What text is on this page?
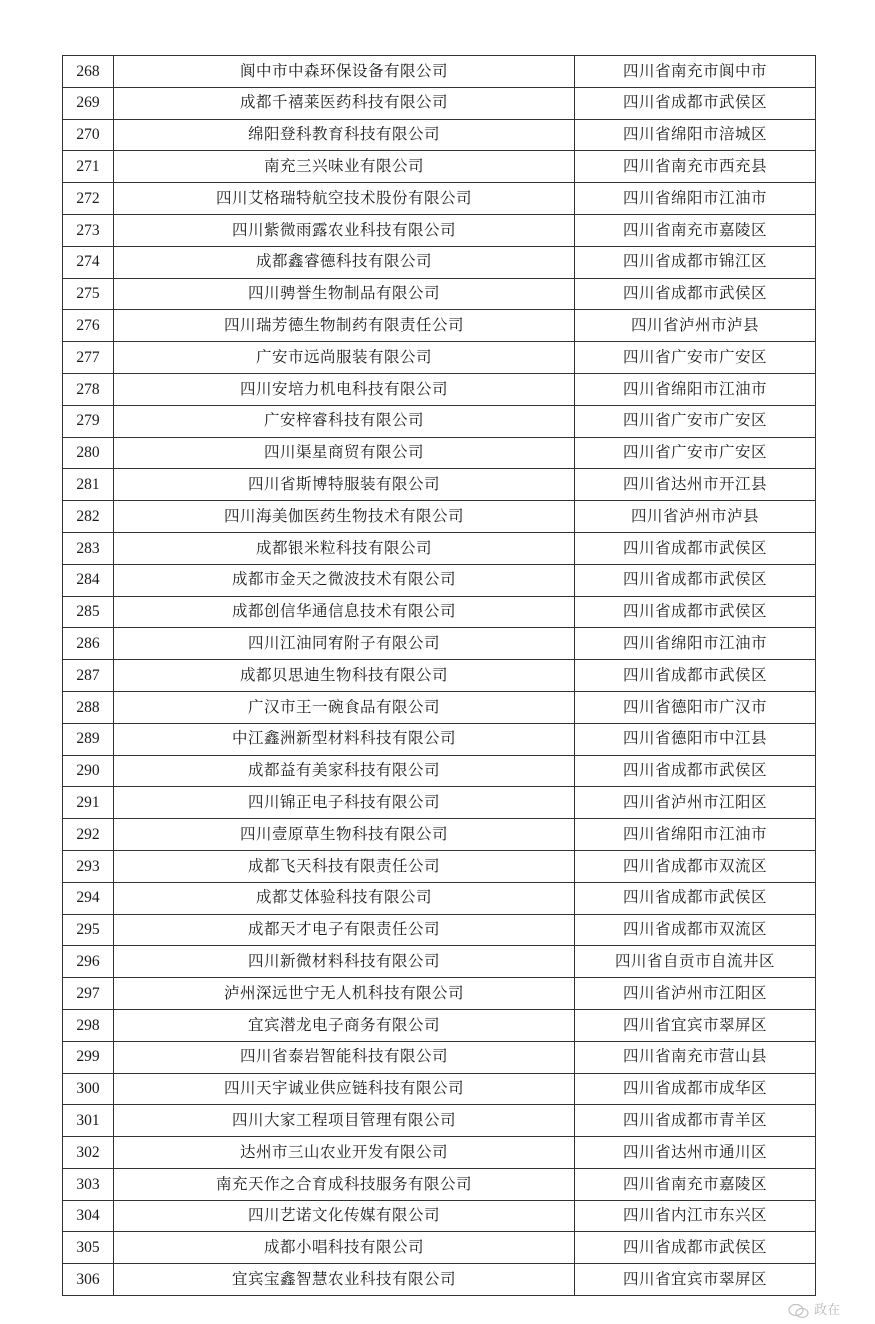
268	阆中市中森环保设备有限公司	四川省南充市阆中市
269	成都千禧莱医药科技有限公司	四川省成都市武侯区
270	绵阳登科教育科技有限公司	四川省绵阳市涪城区
271	南充三兴味业有限公司	四川省南充市西充县
272	四川艾格瑞特航空技术股份有限公司	四川省绵阳市江油市
273	四川紫微雨露农业科技有限公司	四川省南充市嘉陵区
274	成都鑫睿德科技有限公司	四川省成都市锦江区
275	四川骋誉生物制品有限公司	四川省成都市武侯区
276	四川瑞芳德生物制药有限责任公司	四川省泸州市泸县
277	广安市远尚服装有限公司	四川省广安市广安区
278	四川安培力机电科技有限公司	四川省绵阳市江油市
279	广安梓睿科技有限公司	四川省广安市广安区
280	四川渠星商贸有限公司	四川省广安市广安区
281	四川省斯博特服装有限公司	四川省达州市开江县
282	四川海美伽医药生物技术有限公司	四川省泸州市泸县
283	成都银米粒科技有限公司	四川省成都市武侯区
284	成都市金天之微波技术有限公司	四川省成都市武侯区
285	成都创信华通信息技术有限公司	四川省成都市武侯区
286	四川江油同宥附子有限公司	四川省绵阳市江油市
287	成都贝思迪生物科技有限公司	四川省成都市武侯区
288	广汉市王一碗食品有限公司	四川省德阳市广汉市
289	中江鑫洲新型材料科技有限公司	四川省德阳市中江县
290	成都益有美家科技有限公司	四川省成都市武侯区
291	四川锦正电子科技有限公司	四川省泸州市江阳区
292	四川壹原草生物科技有限公司	四川省绵阳市江油市
293	成都飞天科技有限责任公司	四川省成都市双流区
294	成都艾体验科技有限公司	四川省成都市武侯区
295	成都天才电子有限责任公司	四川省成都市双流区
296	四川新微材料科技有限公司	四川省自贡市自流井区
297	泸州深远世宁无人机科技有限公司	四川省泸州市江阳区
298	宜宾潜龙电子商务有限公司	四川省宜宾市翠屏区
299	四川省泰岩智能科技有限公司	四川省南充市营山县
300	四川天宇诚业供应链科技有限公司	四川省成都市成华区
301	四川大家工程项目管理有限公司	四川省成都市青羊区
302	达州市三山农业开发有限公司	四川省达州市通川区
303	南充天作之合育成科技服务有限公司	四川省南充市嘉陵区
304	四川艺诺文化传媒有限公司	四川省内江市东兴区
305	成都小唱科技有限公司	四川省成都市武侯区
306	宜宾宝鑫智慧农业科技有限公司	四川省宜宾市翠屏区
政在
